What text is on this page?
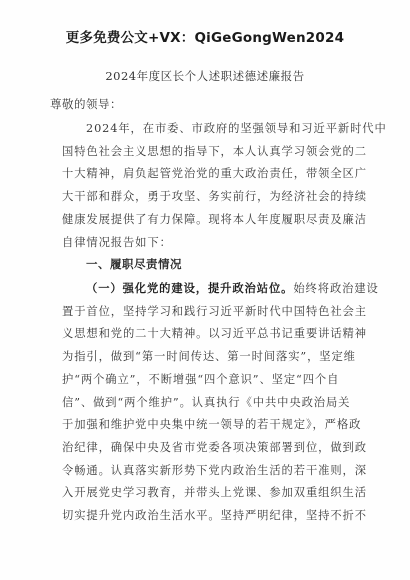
更多免费公文+VX：QiGeGongWen2024
2024年度区长个人述职述德述廉报告
尊敬的领导：
2024年，在市委、市政府的坚强领导和习近平新时代中
国特色社会主义思想的指导下，本人认真学习领会党的二
十大精神，肩负起管党治党的重大政治责任，带领全区广
大干部和群众，勇于攻坚、务实前行，为经济社会的持续
健康发展提供了有力保障。现将本人年度履职尽责及廉洁
自律情况报告如下：
一、履职尽责情况
（一）强化党的建设，提升政治站位。始终将政治建设
置于首位，坚持学习和践行习近平新时代中国特色社会主
义思想和党的二十大精神。以习近平总书记重要讲话精神
为指引，做到“第一时间传达、第一时间落实”，坚定维
护“两个确立”，不断增强“四个意识”、坚定“四个自
信”、做到“两个维护”。认真执行《中共中央政治局关
于加强和维护党中央集中统一领导的若干规定》，严格政
治纪律，确保中央及省市党委各项决策部署到位，做到政
令畅通。认真落实新形势下党内政治生活的若干准则，深
入开展党史学习教育，并带头上党课、参加双重组织生活
切实提升党内政治生活水平。坚持严明纪律，坚持不折不
